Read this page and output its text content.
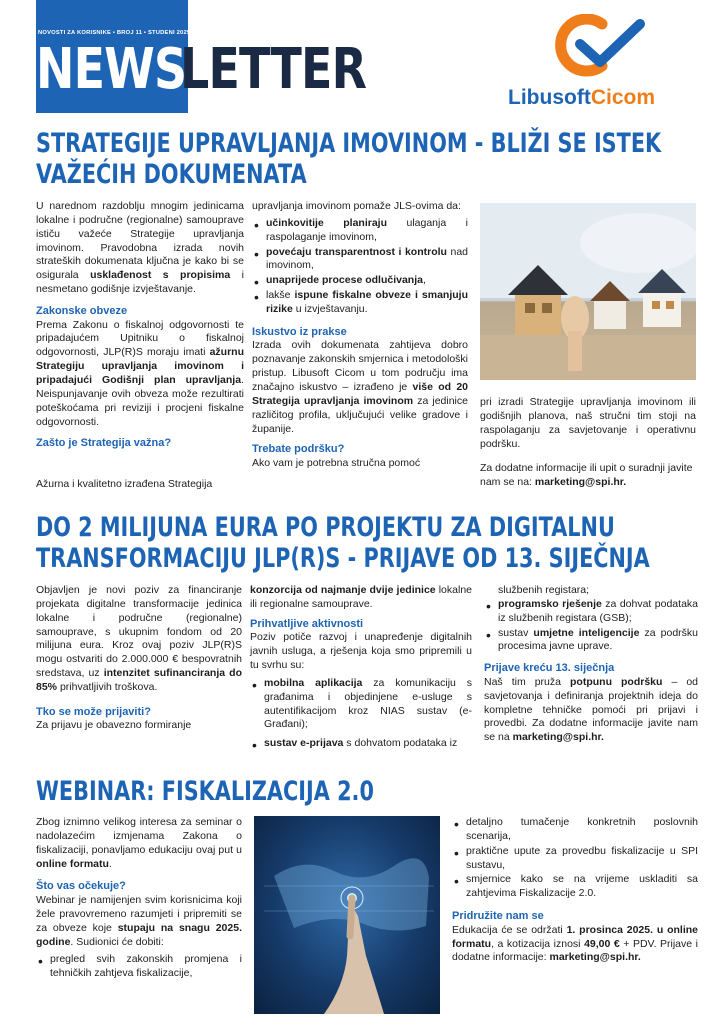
NOVOSTI ZA KORISNIKE • BROJ 11 • STUDENI 2025.
NEWS
LETTER	LibusoftCicom
STRATEGIJE UPRAVLJANJA IMOVINOM - BLIŽI SE ISTEK VAŽEĆIH DOKUMENATA

U narednom razdoblju mnogim jedinicama lokalne i područne (regionalne) samouprave ističu važeće Strategije upravljanja imovinom. Pravodobna izrada novih strateških dokumenata ključna je kako bi se osigurala usklađenost s propisima i nesmetano godišnje izvještavanje.

Zakonske obveze

Prema Zakonu o fiskalnoj odgovornosti te pripadajućem Upitniku o fiskalnoj odgovornosti, JLP(R)S moraju imati ažurnu Strategiju upravljanja imovinom i pripadajući Godišnji plan upravljanja. Neispunjavanje ovih obveza može rezultirati poteškoćama pri reviziji i procjeni fiskalne odgovornosti.

Zašto je Strategija važna?

Ažurna i kvalitetno izrađena Strategija

upravljanja imovinom pomaže JLS-ovima da:

• učinkovitije planiraju ulaganja i raspolaganje imovinom,
• povećaju transparentnost i kontrolu nad imovinom,
• unaprijede procese odlučivanja,
• lakše ispune fiskalne obveze i smanjuju rizike u izvještavanju.
Iskustvo iz prakse

Izrada ovih dokumenata zahtijeva dobro poznavanje zakonskih smjernica i metodološki pristup. Libusoft Cicom u tom području ima značajno iskustvo – izrađeno je više od 20 Strategija upravljanja imovinom za jedinice različitog profila, uključujući velike gradove i županije.

Trebate podršku?

Ako vam je potrebna stručna pomoć

pri izradi Strategije upravljanja imovinom ili godišnjih planova, naš stručni tim stoji na raspolaganju za savjetovanje i operativnu podršku.

Za dodatne informacije ili upit o suradnji javite nam se na: marketing@spi.hr.

DO 2 MILIJUNA EURA PO PROJEKTU ZA DIGITALNU
TRANSFORMACIJU JLP(R)S - PRIJAVE OD 13. SIJEČNJA

Objavljen je novi poziv za financiranje projekata digitalne transformacije jedinica lokalne i područne (regionalne) samouprave, s ukupnim fondom od 20 milijuna eura. Kroz ovaj poziv JLP(R)S mogu ostvariti do 2.000.000 € bespovratnih sredstava, uz intenzitet sufinanciranja do 85% prihvatljivih troškova.

Tko se može prijaviti?

Za prijavu je obavezno formiranje

konzorcija od najmanje dvije jedinice lokalne ili regionalne samouprave.

Prihvatljive aktivnosti

Poziv potiče razvoj i unapređenje digitalnih javnih usluga, a rješenja koja smo pripremili u tu svrhu su:

• mobilna aplikacija za komunikaciju s građanima i objedinjene e-usluge s autentifikacijom kroz NIAS sustav (e-Građani);
• sustav e-prijava s dohvatom podataka iz

službenih registara;

• programsko rješenje za dohvat podataka iz službenih registara (GSB);
• sustav umjetne inteligencije za podršku procesima javne uprave.
Prijave kreću 13. siječnja

Naš tim pruža potpunu podršku – od savjetovanja i definiranja projektnih ideja do kompletne tehničke pomoći pri prijavi i provedbi. Za dodatne informacije javite nam se na marketing@spi.hr.

WEBINAR: FISKALIZACIJA 2.0

Zbog iznimno velikog interesa za seminar o nadolazećim izmjenama Zakona o fiskalizaciji, ponavljamo edukaciju ovaj put u online formatu.

Što vas očekuje?

Webinar je namijenjen svim korisnicima koji žele pravovremeno razumjeti i pripremiti se za obveze koje stupaju na snagu 2025. godine. Sudionici će dobiti:

• pregled svih zakonskih promjena i tehničkih zahtjeva fiskalizacije,
• detaljno tumačenje konkretnih poslovnih scenarija,
• praktične upute za provedbu fiskalizacije u SPI sustavu,
• smjernice kako se na vrijeme uskladiti sa zahtjevima Fiskalizacije 2.0.
Pridružite nam se

Edukacija će se održati 1. prosinca 2025. u online formatu, a kotizacija iznosi 49,00 € + PDV. Prijave i dodatne informacije: marketing@spi.hr.
